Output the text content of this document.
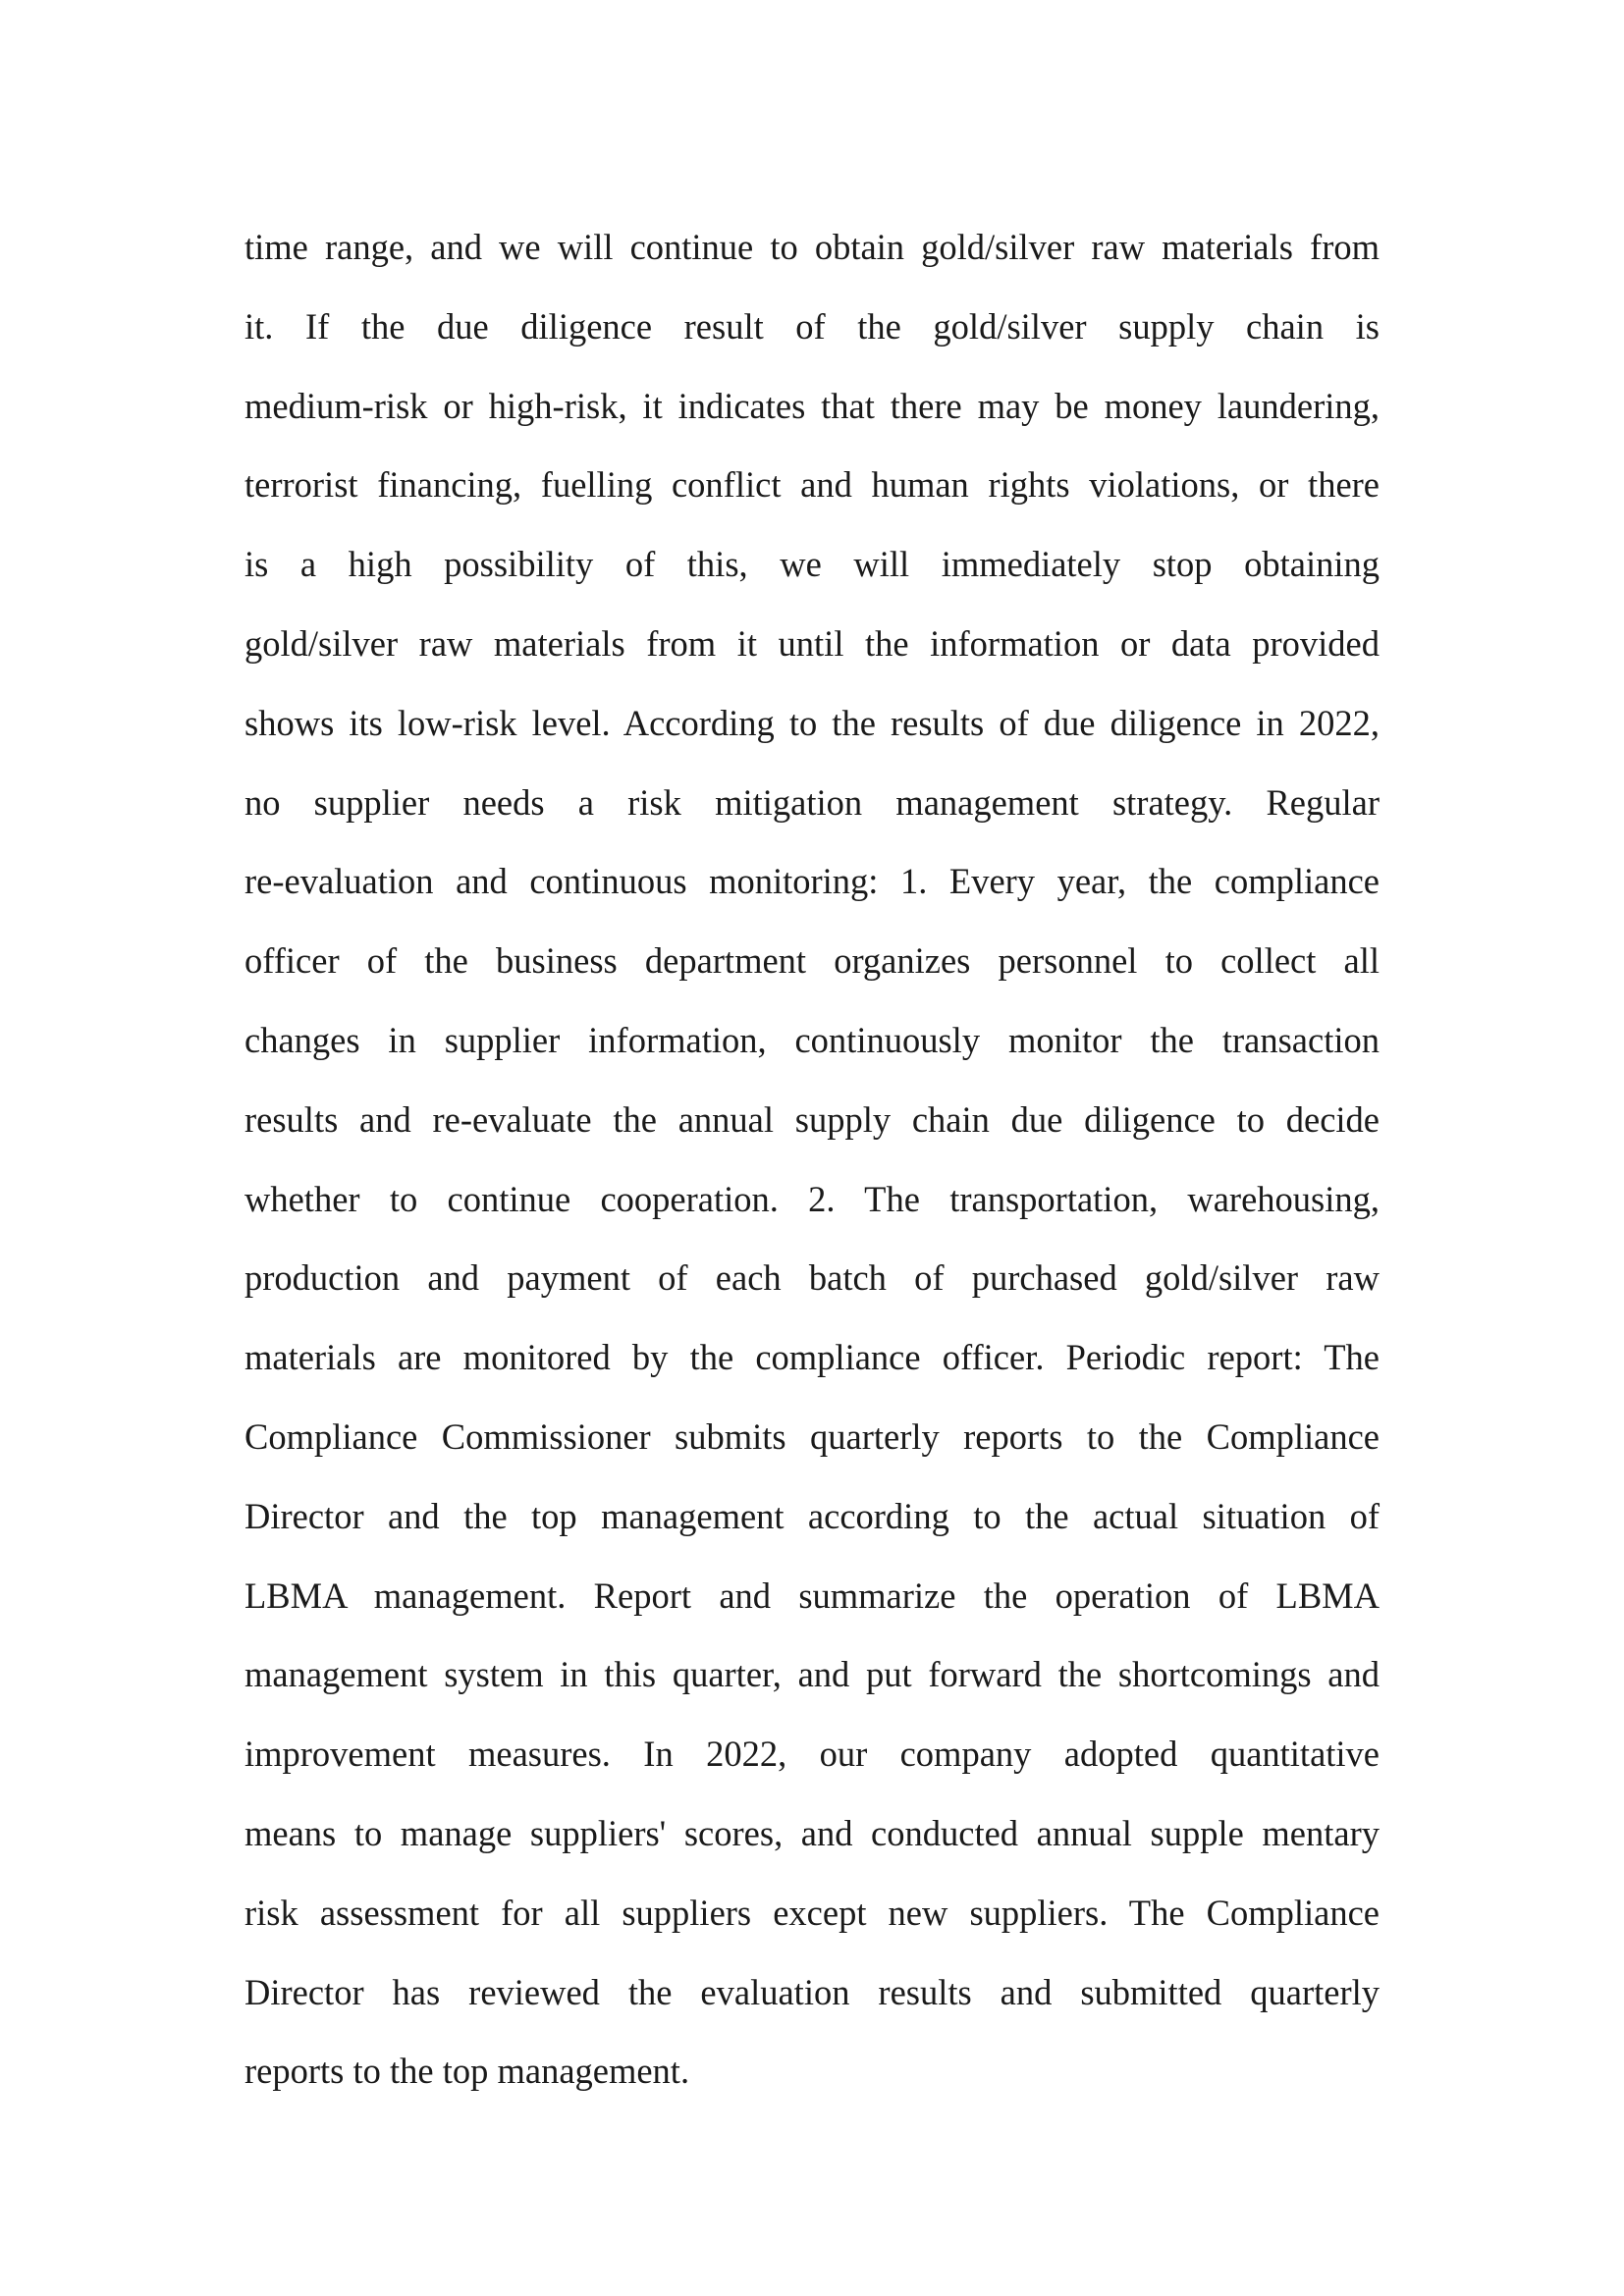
time range, and we will continue to obtain gold/silver raw materials from
it. If the due diligence result of the gold/silver supply chain is
medium-risk or high-risk, it indicates that there may be money laundering,
terrorist financing, fuelling conflict and human rights violations, or there
is a high possibility of this, we will immediately stop obtaining
gold/silver raw materials from it until the information or data provided
shows its low-risk level. According to the results of due diligence in 2022,
no supplier needs a risk mitigation management strategy. Regular
re-evaluation and continuous monitoring: 1. Every year, the compliance
officer of the business department organizes personnel to collect all
changes in supplier information, continuously monitor the transaction
results and re-evaluate the annual supply chain due diligence to decide
whether to continue cooperation. 2. The transportation, warehousing,
production and payment of each batch of purchased gold/silver raw
materials are monitored by the compliance officer. Periodic report: The
Compliance Commissioner submits quarterly reports to the Compliance
Director and the top management according to the actual situation of
LBMA management. Report and summarize the operation of LBMA
management system in this quarter, and put forward the shortcomings and
improvement measures. In 2022, our company adopted quantitative
means to manage suppliers' scores, and conducted annual supple mentary
risk assessment for all suppliers except new suppliers. The Compliance
Director has reviewed the evaluation results and submitted quarterly
reports to the top management.
